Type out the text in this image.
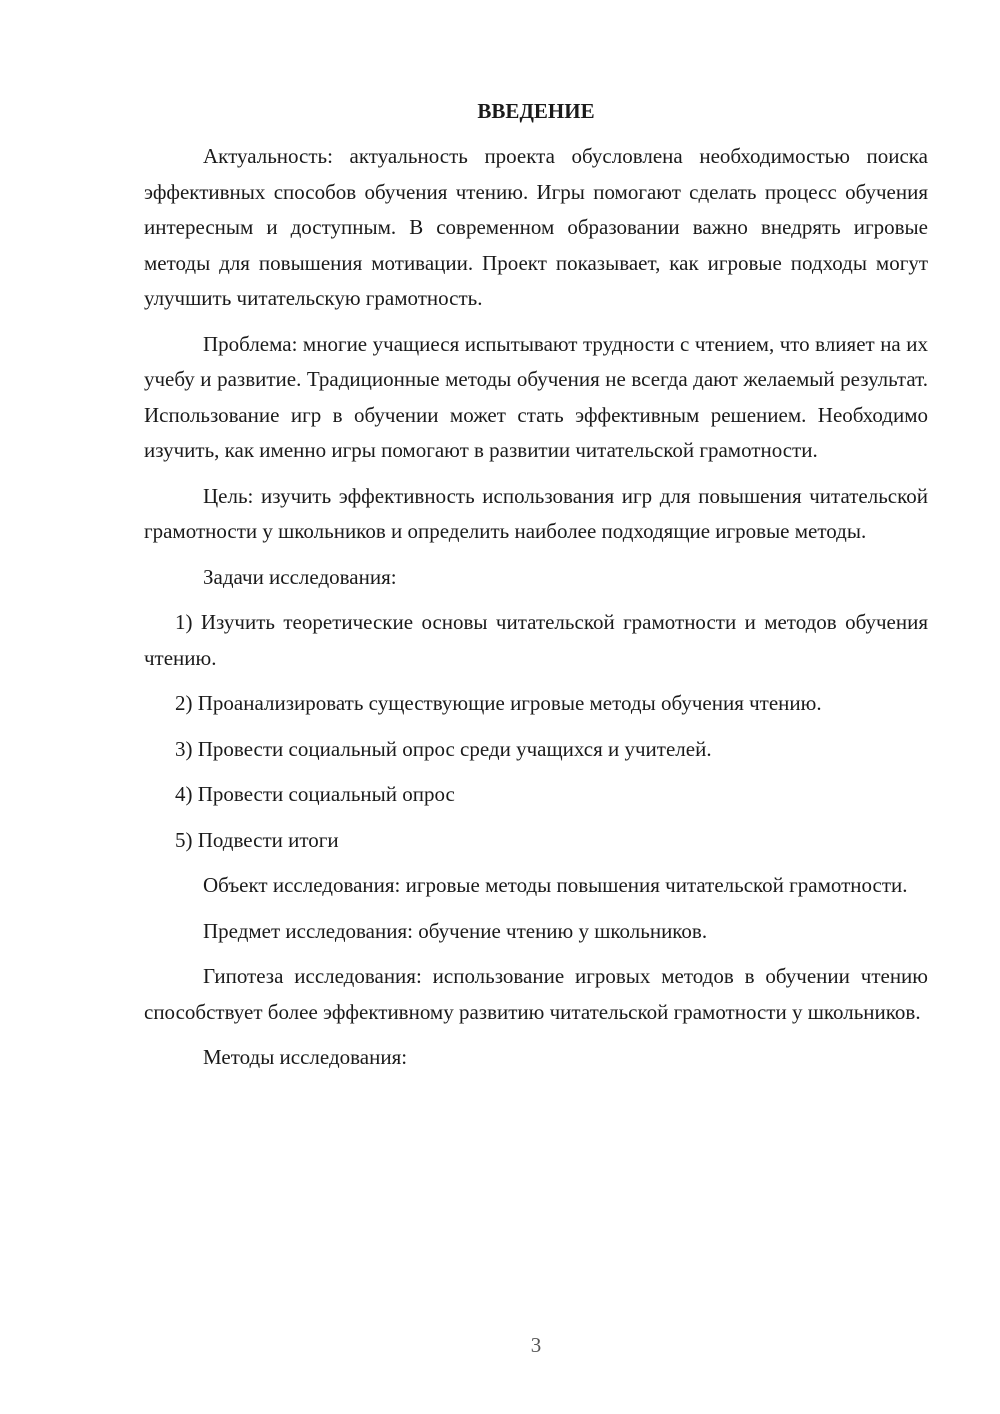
ВВЕДЕНИЕ

Актуальность: актуальность проекта обусловлена необходимостью поиска эффективных способов обучения чтению. Игры помогают сделать процесс обучения интересным и доступным. В современном образовании важно внедрять игровые методы для повышения мотивации. Проект показывает, как игровые подходы могут улучшить читательскую грамотность.

Проблема: многие учащиеся испытывают трудности с чтением, что влияет на их учебу и развитие. Традиционные методы обучения не всегда дают желаемый результат. Использование игр в обучении может стать эффективным решением. Необходимо изучить, как именно игры помогают в развитии читательской грамотности.

Цель: изучить эффективность использования игр для повышения читательской грамотности у школьников и определить наиболее подходящие игровые методы.

Задачи исследования:

1) Изучить теоретические основы читательской грамотности и методов обучения чтению.

2) Проанализировать существующие игровые методы обучения чтению.

3) Провести социальный опрос среди учащихся и учителей.

4) Провести социальный опрос

5) Подвести итоги

Объект исследования: игровые методы повышения читательской грамотности.

Предмет исследования: обучение чтению у школьников.

Гипотеза исследования: использование игровых методов в обучении чтению способствует более эффективному развитию читательской грамотности у школьников.

Методы исследования:

3
